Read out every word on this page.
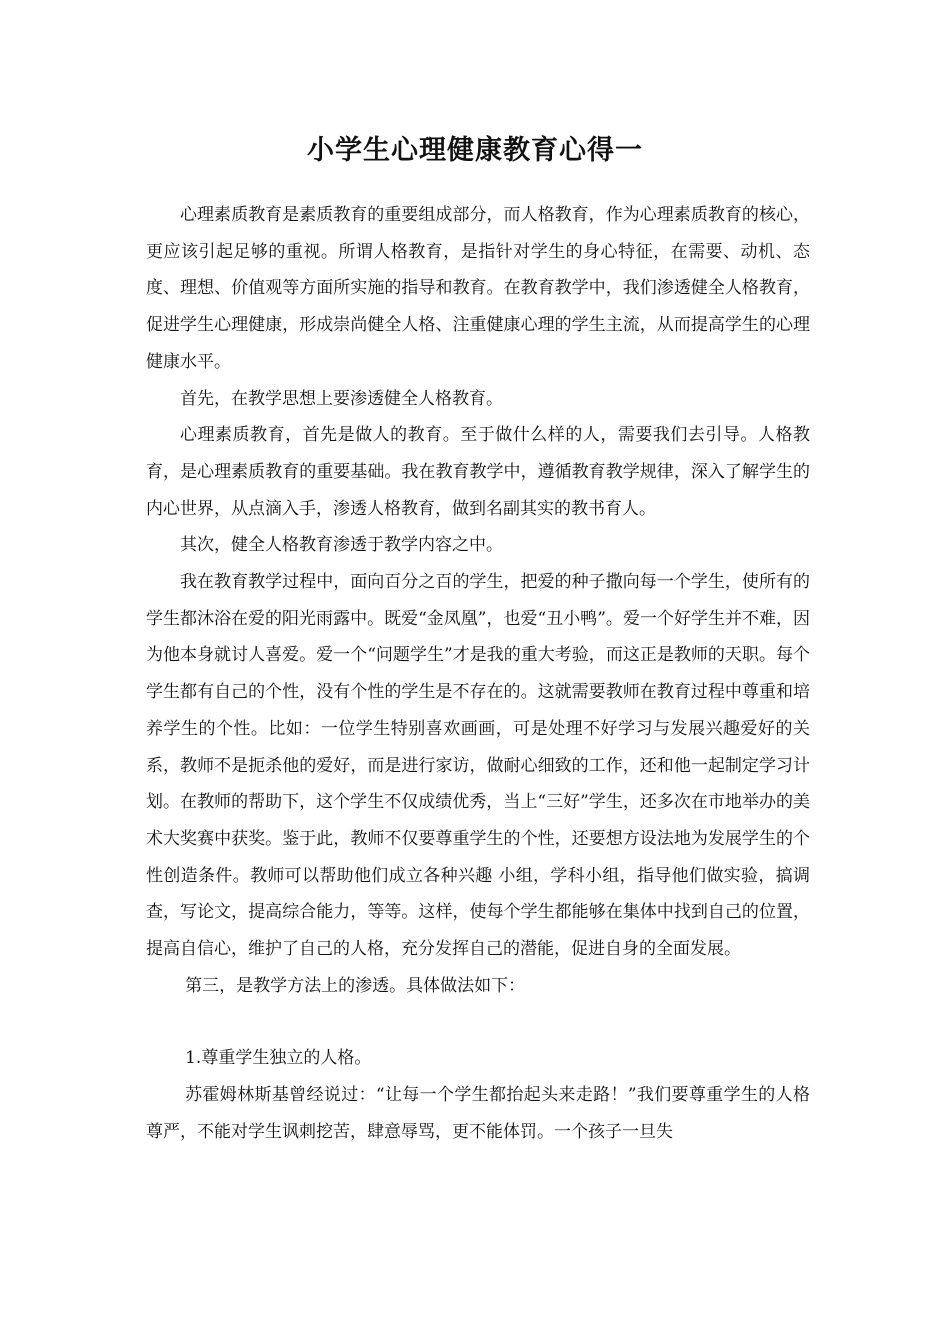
小学生心理健康教育心得一

心理素质教育是素质教育的重要组成部分，而人格教育，作为心理素质教育的核心，更应该引起足够的重视。所谓人格教育，是指针对学生的身心特征，在需要、动机、态度、理想、价值观等方面所实施的指导和教育。在教育教学中，我们渗透健全人格教育，促进学生心理健康，形成崇尚健全人格、注重健康心理的学生主流，从而提高学生的心理健康水平。

首先，在教学思想上要渗透健全人格教育。

心理素质教育，首先是做人的教育。至于做什么样的人，需要我们去引导。人格教育，是心理素质教育的重要基础。我在教育教学中，遵循教育教学规律，深入了解学生的内心世界，从点滴入手，渗透人格教育，做到名副其实的教书育人。

其次，健全人格教育渗透于教学内容之中。

我在教育教学过程中，面向百分之百的学生，把爱的种子撒向每一个学生，使所有的学生都沐浴在爱的阳光雨露中。既爱“金凤凰”，也爱“丑小鸭”。爱一个好学生并不难，因为他本身就讨人喜爱。爱一个“问题学生”才是我的重大考验，而这正是教师的天职。每个学生都有自己的个性，没有个性的学生是不存在的。这就需要教师在教育过程中尊重和培养学生的个性。比如：一位学生特别喜欢画画，可是处理不好学习与发展兴趣爱好的关系，教师不是扼杀他的爱好，而是进行家访，做耐心细致的工作，还和他一起制定学习计划。在教师的帮助下，这个学生不仅成绩优秀，当上“三好”学生，还多次在市地举办的美术大奖赛中获奖。鉴于此，教师不仅要尊重学生的个性，还要想方设法地为发展学生的个性创造条件。教师可以帮助他们成立各种兴趣 小组，学科小组，指导他们做实验，搞调查，写论文，提高综合能力，等等。这样，使每个学生都能够在集体中找到自己的位置，提高自信心，维护了自己的人格，充分发挥自己的潜能，促进自身的全面发展。

第三，是教学方法上的渗透。具体做法如下：

1.尊重学生独立的人格。

苏霍姆林斯基曾经说过：“让每一个学生都抬起头来走路！”我们要尊重学生的人格尊严，不能对学生讽刺挖苦，肆意辱骂，更不能体罚。一个孩子一旦失
